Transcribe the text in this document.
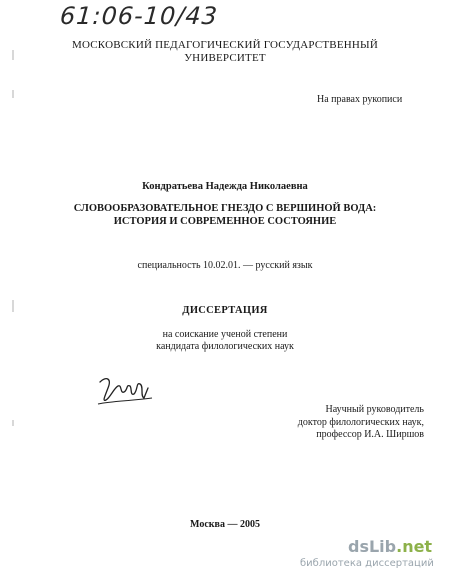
61:06-10/43
МОСКОВСКИЙ ПЕДАГОГИЧЕСКИЙ ГОСУДАРСТВЕННЫЙ
УНИВЕРСИТЕТ
На правах рукописи
Кондратьева Надежда Николаевна
СЛОВООБРАЗОВАТЕЛЬНОЕ ГНЕЗДО С ВЕРШИНОЙ ВОДА:
ИСТОРИЯ И СОВРЕМЕННОЕ СОСТОЯНИЕ
специальность 10.02.01. — русский язык
ДИССЕРТАЦИЯ
на соискание ученой степени
кандидата филологических наук
Научный руководитель
доктор филологических наук,
профессор И.А. Ширшов
Москва — 2005
dsLib.net
библиотека диссертаций
